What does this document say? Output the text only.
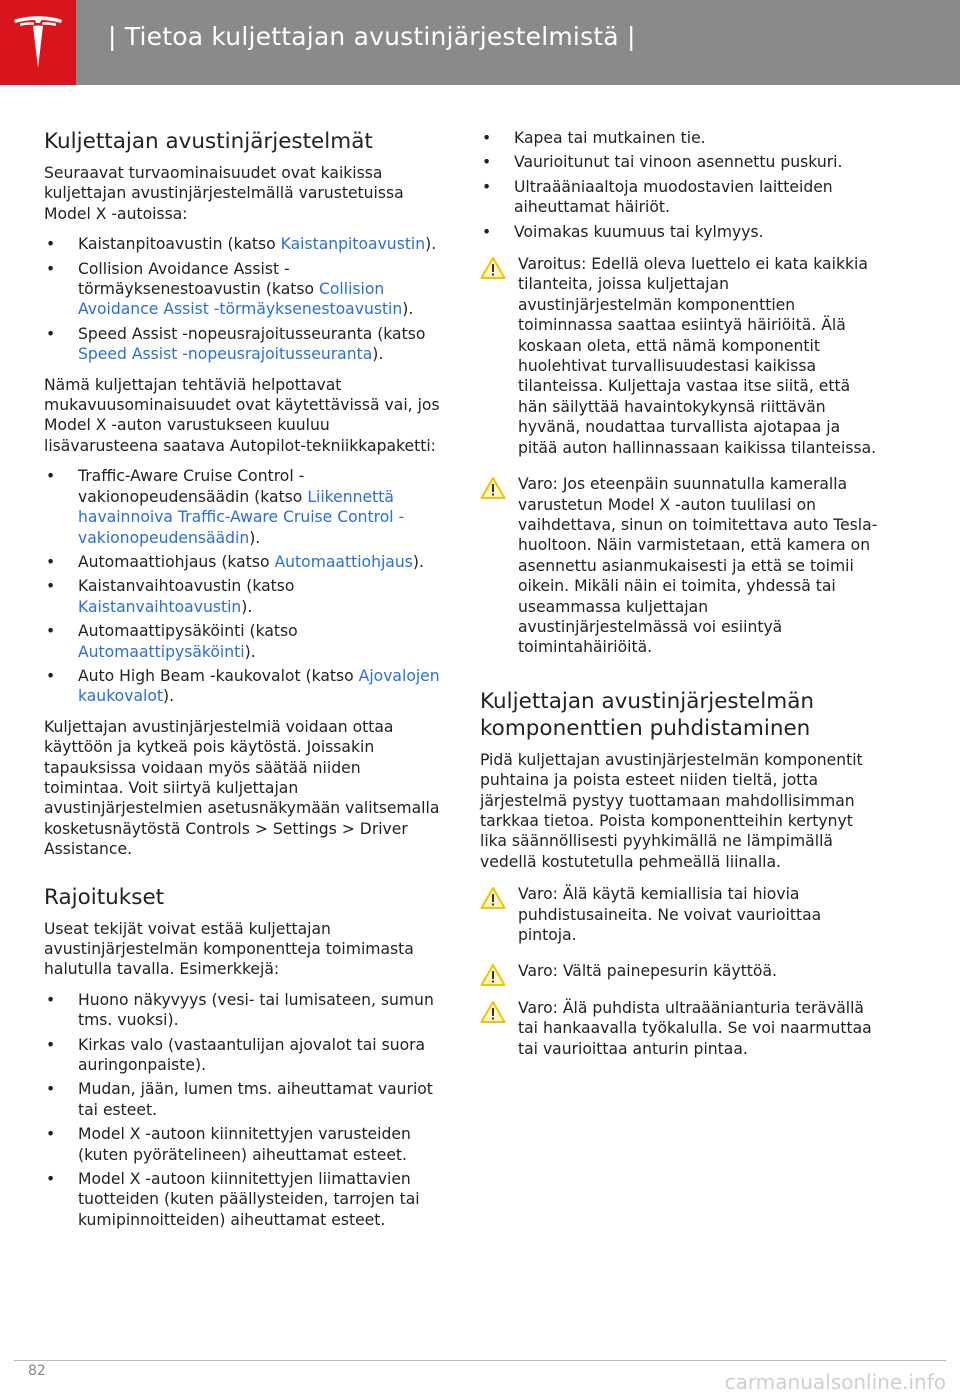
| Tietoa kuljettajan avustinjärjestelmistä |
Kuljettajan avustinjärjestelmät

Seuraavat turvaominaisuudet ovat kaikissa kuljettajan avustinjärjestelmällä varustetuissa Model X -autoissa:

• Kaistanpitoavustin (katso Kaistanpitoavustin).
• Collision Avoidance Assist -törmäyksenestoavustin (katso Collision Avoidance Assist -törmäyksenestoavustin).
• Speed Assist -nopeusrajoitusseuranta (katso Speed Assist -nopeusrajoitusseuranta).

Nämä kuljettajan tehtäviä helpottavat mukavuusominaisuudet ovat käytettävissä vai, jos Model X -auton varustukseen kuuluu lisävarusteena saatava Autopilot-tekniikkapaketti:

• Traffic-Aware Cruise Control -vakionopeudensäädin (katso Liikennettä havainnoiva Traffic-Aware Cruise Control -vakionopeudensäädin).
• Automaattiohjaus (katso Automaattiohjaus).
• Kaistanvaihtoavustin (katso Kaistanvaihtoavustin).
• Automaattipysäköinti (katso Automaattipysäköinti).
• Auto High Beam -kaukovalot (katso Ajovalojen kaukovalot).

Kuljettajan avustinjärjestelmiä voidaan ottaa käyttöön ja kytkeä pois käytöstä. Joissakin tapauksissa voidaan myös säätää niiden toimintaa. Voit siirtyä kuljettajan avustinjärjestelmien asetusnäkymään valitsemalla kosketusnäytöstä Controls > Settings > Driver Assistance.

Rajoitukset

Useat tekijät voivat estää kuljettajan avustinjärjestelmän komponentteja toimimasta halutulla tavalla. Esimerkkejä:

• Huono näkyvyys (vesi- tai lumisateen, sumun tms. vuoksi).
• Kirkas valo (vastaantulijan ajovalot tai suora auringonpaiste).
• Mudan, jään, lumen tms. aiheuttamat vauriot tai esteet.
• Model X -autoon kiinnitettyjen varusteiden (kuten pyörätelineen) aiheuttamat esteet.
• Model X -autoon kiinnitettyjen liimattavien tuotteiden (kuten päällysteiden, tarrojen tai kumipinnoitteiden) aiheuttamat esteet.
• Kapea tai mutkainen tie.
• Vaurioitunut tai vinoon asennettu puskuri.
• Ultraääniaaltoja muodostavien laitteiden aiheuttamat häiriöt.
• Voimakas kuumuus tai kylmyys.
Varoitus: Edellä oleva luettelo ei kata kaikkia tilanteita, joissa kuljettajan avustinjärjestelmän komponenttien toiminnassa saattaa esiintyä häiriöitä. Älä koskaan oleta, että nämä komponentit huolehtivat turvallisuudestasi kaikissa tilanteissa. Kuljettaja vastaa itse siitä, että hän säilyttää havaintokykynsä riittävän hyvänä, noudattaa turvallista ajotapaa ja pitää auton hallinnassaan kaikissa tilanteissa.
Varo: Jos eteenpäin suunnatulla kameralla varustetun Model X -auton tuulilasi on vaihdettava, sinun on toimitettava auto Tesla-huoltoon. Näin varmistetaan, että kamera on asennettu asianmukaisesti ja että se toimii oikein. Mikäli näin ei toimita, yhdessä tai useammassa kuljettajan avustinjärjestelmässä voi esiintyä toimintahäiriöitä.
Kuljettajan avustinjärjestelmän komponenttien puhdistaminen

Pidä kuljettajan avustinjärjestelmän komponentit puhtaina ja poista esteet niiden tieltä, jotta järjestelmä pystyy tuottamaan mahdollisimman tarkkaa tietoa. Poista komponentteihin kertynyt lika säännöllisesti pyyhkimällä ne lämpimällä vedellä kostutetulla pehmeällä liinalla.

Varo: Älä käytä kemiallisia tai hiovia puhdistusaineita. Ne voivat vaurioittaa pintoja.
Varo: Vältä painepesurin käyttöä.
Varo: Älä puhdista ultraäänianturia terävällä tai hankaavalla työkalulla. Se voi naarmuttaa tai vaurioittaa anturin pintaa.
82	carmanualsonline.info
